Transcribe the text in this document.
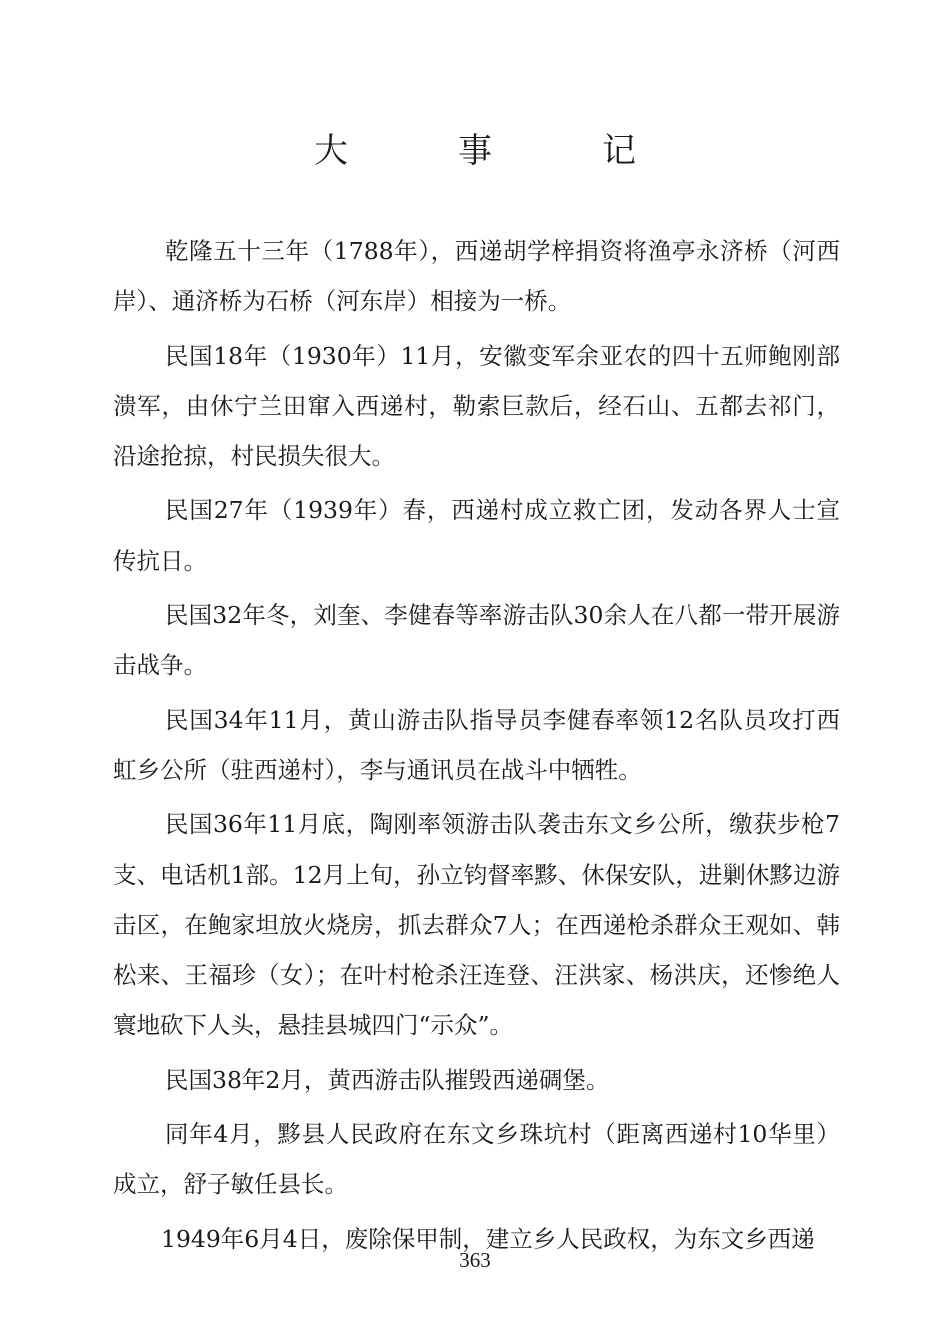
大　事　记

乾隆五十三年（1788年），西递胡学梓捐资将渔亭永济桥（河西岸）、通济桥为石桥（河东岸）相接为一桥。

民国18年（1930年）11月，安徽变军余亚农的四十五师鲍刚部溃军，由休宁兰田窜入西递村，勒索巨款后，经石山、五都去祁门，沿途抢掠，村民损失很大。

民国27年（1939年）春，西递村成立救亡团，发动各界人士宣传抗日。

民国32年冬，刘奎、李健春等率游击队30余人在八都一带开展游击战争。

民国34年11月，黄山游击队指导员李健春率领12名队员攻打西虹乡公所（驻西递村），李与通讯员在战斗中牺牲。

民国36年11月底，陶刚率领游击队袭击东文乡公所，缴获步枪7支、电话机1部。12月上旬，孙立钧督率黟、休保安队，进剿休黟边游击区，在鲍家坦放火烧房，抓去群众7人；在西递枪杀群众王观如、韩松来、王福珍（女）；在叶村枪杀汪连登、汪洪家、杨洪庆，还惨绝人寰地砍下人头，悬挂县城四门“示众”。

民国38年2月，黄西游击队摧毁西递碉堡。

同年4月，黟县人民政府在东文乡珠坑村（距离西递村10华里）成立，舒子敏任县长。

1949年6月4日，废除保甲制，建立乡人民政权，为东文乡西递

363
